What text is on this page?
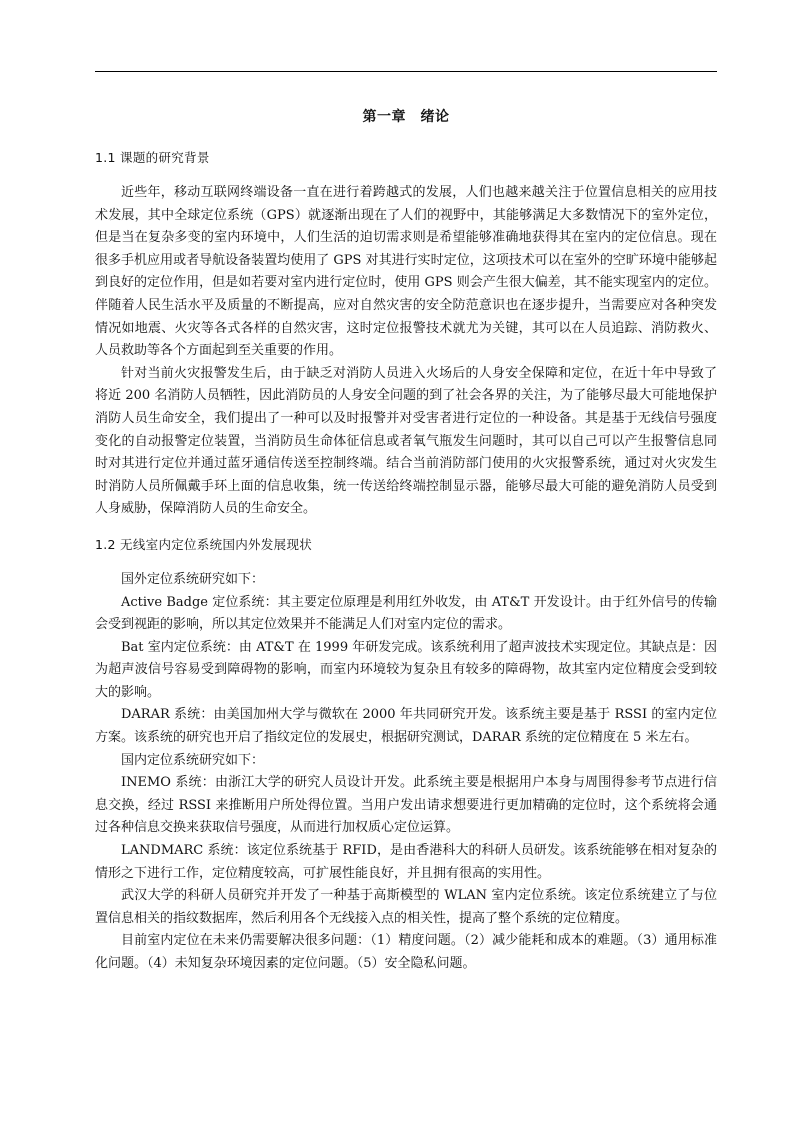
第一章　绪论
1.1 课题的研究背景

近些年，移动互联网终端设备一直在进行着跨越式的发展，人们也越来越关注于位置信息相关的应用技术发展，其中全球定位系统（GPS）就逐渐出现在了人们的视野中，其能够满足大多数情况下的室外定位，但是当在复杂多变的室内环境中，人们生活的迫切需求则是希望能够准确地获得其在室内的定位信息。现在很多手机应用或者导航设备装置均使用了 GPS 对其进行实时定位，这项技术可以在室外的空旷环境中能够起到良好的定位作用，但是如若要对室内进行定位时，使用 GPS 则会产生很大偏差，其不能实现室内的定位。伴随着人民生活水平及质量的不断提高，应对自然灾害的安全防范意识也在逐步提升，当需要应对各种突发情况如地震、火灾等各式各样的自然灾害，这时定位报警技术就尤为关键，其可以在人员追踪、消防救火、人员救助等各个方面起到至关重要的作用。

针对当前火灾报警发生后，由于缺乏对消防人员进入火场后的人身安全保障和定位，在近十年中导致了将近 200 名消防人员牺牲，因此消防员的人身安全问题的到了社会各界的关注，为了能够尽最大可能地保护消防人员生命安全，我们提出了一种可以及时报警并对受害者进行定位的一种设备。其是基于无线信号强度变化的自动报警定位装置，当消防员生命体征信息或者氧气瓶发生问题时，其可以自己可以产生报警信息同时对其进行定位并通过蓝牙通信传送至控制终端。结合当前消防部门使用的火灾报警系统，通过对火灾发生时消防人员所佩戴手环上面的信息收集，统一传送给终端控制显示器，能够尽最大可能的避免消防人员受到人身威胁，保障消防人员的生命安全。

1.2 无线室内定位系统国内外发展现状

国外定位系统研究如下：

Active Badge 定位系统：其主要定位原理是利用红外收发，由 AT&T 开发设计。由于红外信号的传输会受到视距的影响，所以其定位效果并不能满足人们对室内定位的需求。

Bat 室内定位系统：由 AT&T 在 1999 年研发完成。该系统利用了超声波技术实现定位。其缺点是：因为超声波信号容易受到障碍物的影响，而室内环境较为复杂且有较多的障碍物，故其室内定位精度会受到较大的影响。

DARAR 系统：由美国加州大学与微软在 2000 年共同研究开发。该系统主要是基于 RSSI 的室内定位方案。该系统的研究也开启了指纹定位的发展史，根据研究测试，DARAR 系统的定位精度在 5 米左右。

国内定位系统研究如下：

INEMO 系统：由浙江大学的研究人员设计开发。此系统主要是根据用户本身与周围得参考节点进行信息交换，经过 RSSI 来推断用户所处得位置。当用户发出请求想要进行更加精确的定位时，这个系统将会通过各种信息交换来获取信号强度，从而进行加权质心定位运算。

LANDMARC 系统：该定位系统基于 RFID，是由香港科大的科研人员研发。该系统能够在相对复杂的情形之下进行工作，定位精度较高，可扩展性能良好，并且拥有很高的实用性。

武汉大学的科研人员研究并开发了一种基于高斯模型的 WLAN 室内定位系统。该定位系统建立了与位置信息相关的指纹数据库，然后利用各个无线接入点的相关性，提高了整个系统的定位精度。

目前室内定位在未来仍需要解决很多问题：（1）精度问题。（2）减少能耗和成本的难题。（3）通用标准化问题。（4）未知复杂环境因素的定位问题。（5）安全隐私问题。
